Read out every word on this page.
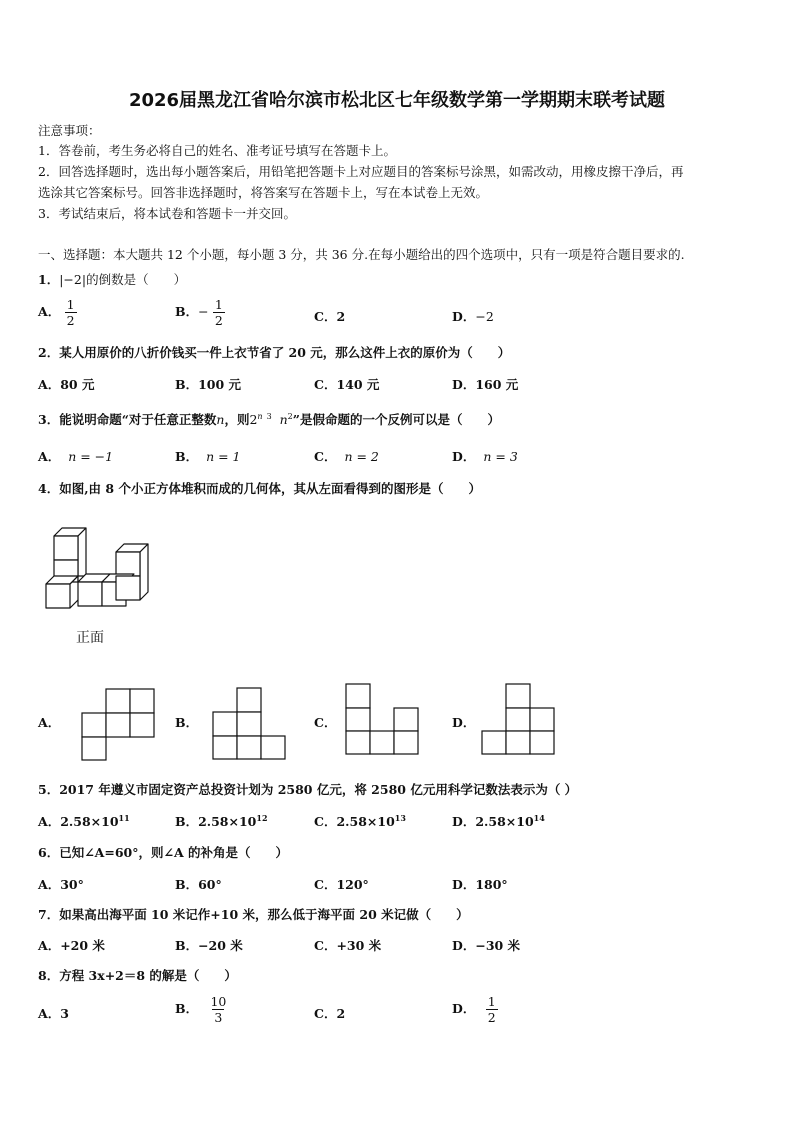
2026届黑龙江省哈尔滨市松北区七年级数学第一学期期末联考试题
注意事项：
1．答卷前，考生务必将自己的姓名、准考证号填写在答题卡上。
2．回答选择题时，选出每小题答案后，用铅笔把答题卡上对应题目的答案标号涂黑，如需改动，用橡皮擦干净后，再
选涂其它答案标号。回答非选择题时，将答案写在答题卡上，写在本试卷上无效。
3．考试结束后，将本试卷和答题卡一并交回。
一、选择题：本大题共 12 个小题，每小题 3 分，共 36 分.在每小题给出的四个选项中，只有一项是符合题目要求的.
1．|−2|的倒数是（　　）
A． $\frac{1}{2}$	B．− $\frac{1}{2}$	C．2	D．−2
2．某人用原价的八折价钱买一件上衣节省了 20 元，那么这件上衣的原价为（　　）
A．80 元	B．100 元	C．140 元	D．160 元
3．能说明命题“对于任意正整数n，则2$^n$ $^3$ $n^2$”是假命题的一个反例可以是（　　）
A． n = −1	B． n = 1	C． n = 2	D． n = 3
4．如图,由 8 个小正方体堆积而成的几何体，其从左面看得到的图形是（　　）
正面
A．	B．	C．	D．
5．2017 年遵义市固定资产总投资计划为 2580 亿元，将 2580 亿元用科学记数法表示为（ ）
A．$2.58\times 10^{11}$	B．$2.58\times 10^{12}$	C．$2.58\times 10^{13}$	D．$2.58\times 10^{14}$
6．已知∠A=60°，则∠A 的补角是（　　）
A．30°	B．60°	C．120°	D．180°
7．如果高出海平面 10 米记作+10 米，那么低于海平面 20 米记做（　　）
A．+20 米	B．−20 米	C．+30 米	D．−30 米
8．方程 3x+2＝8 的解是（　　）
A．3	B． $\frac{10}{3}$	C．2	D． $\frac{1}{2}$
